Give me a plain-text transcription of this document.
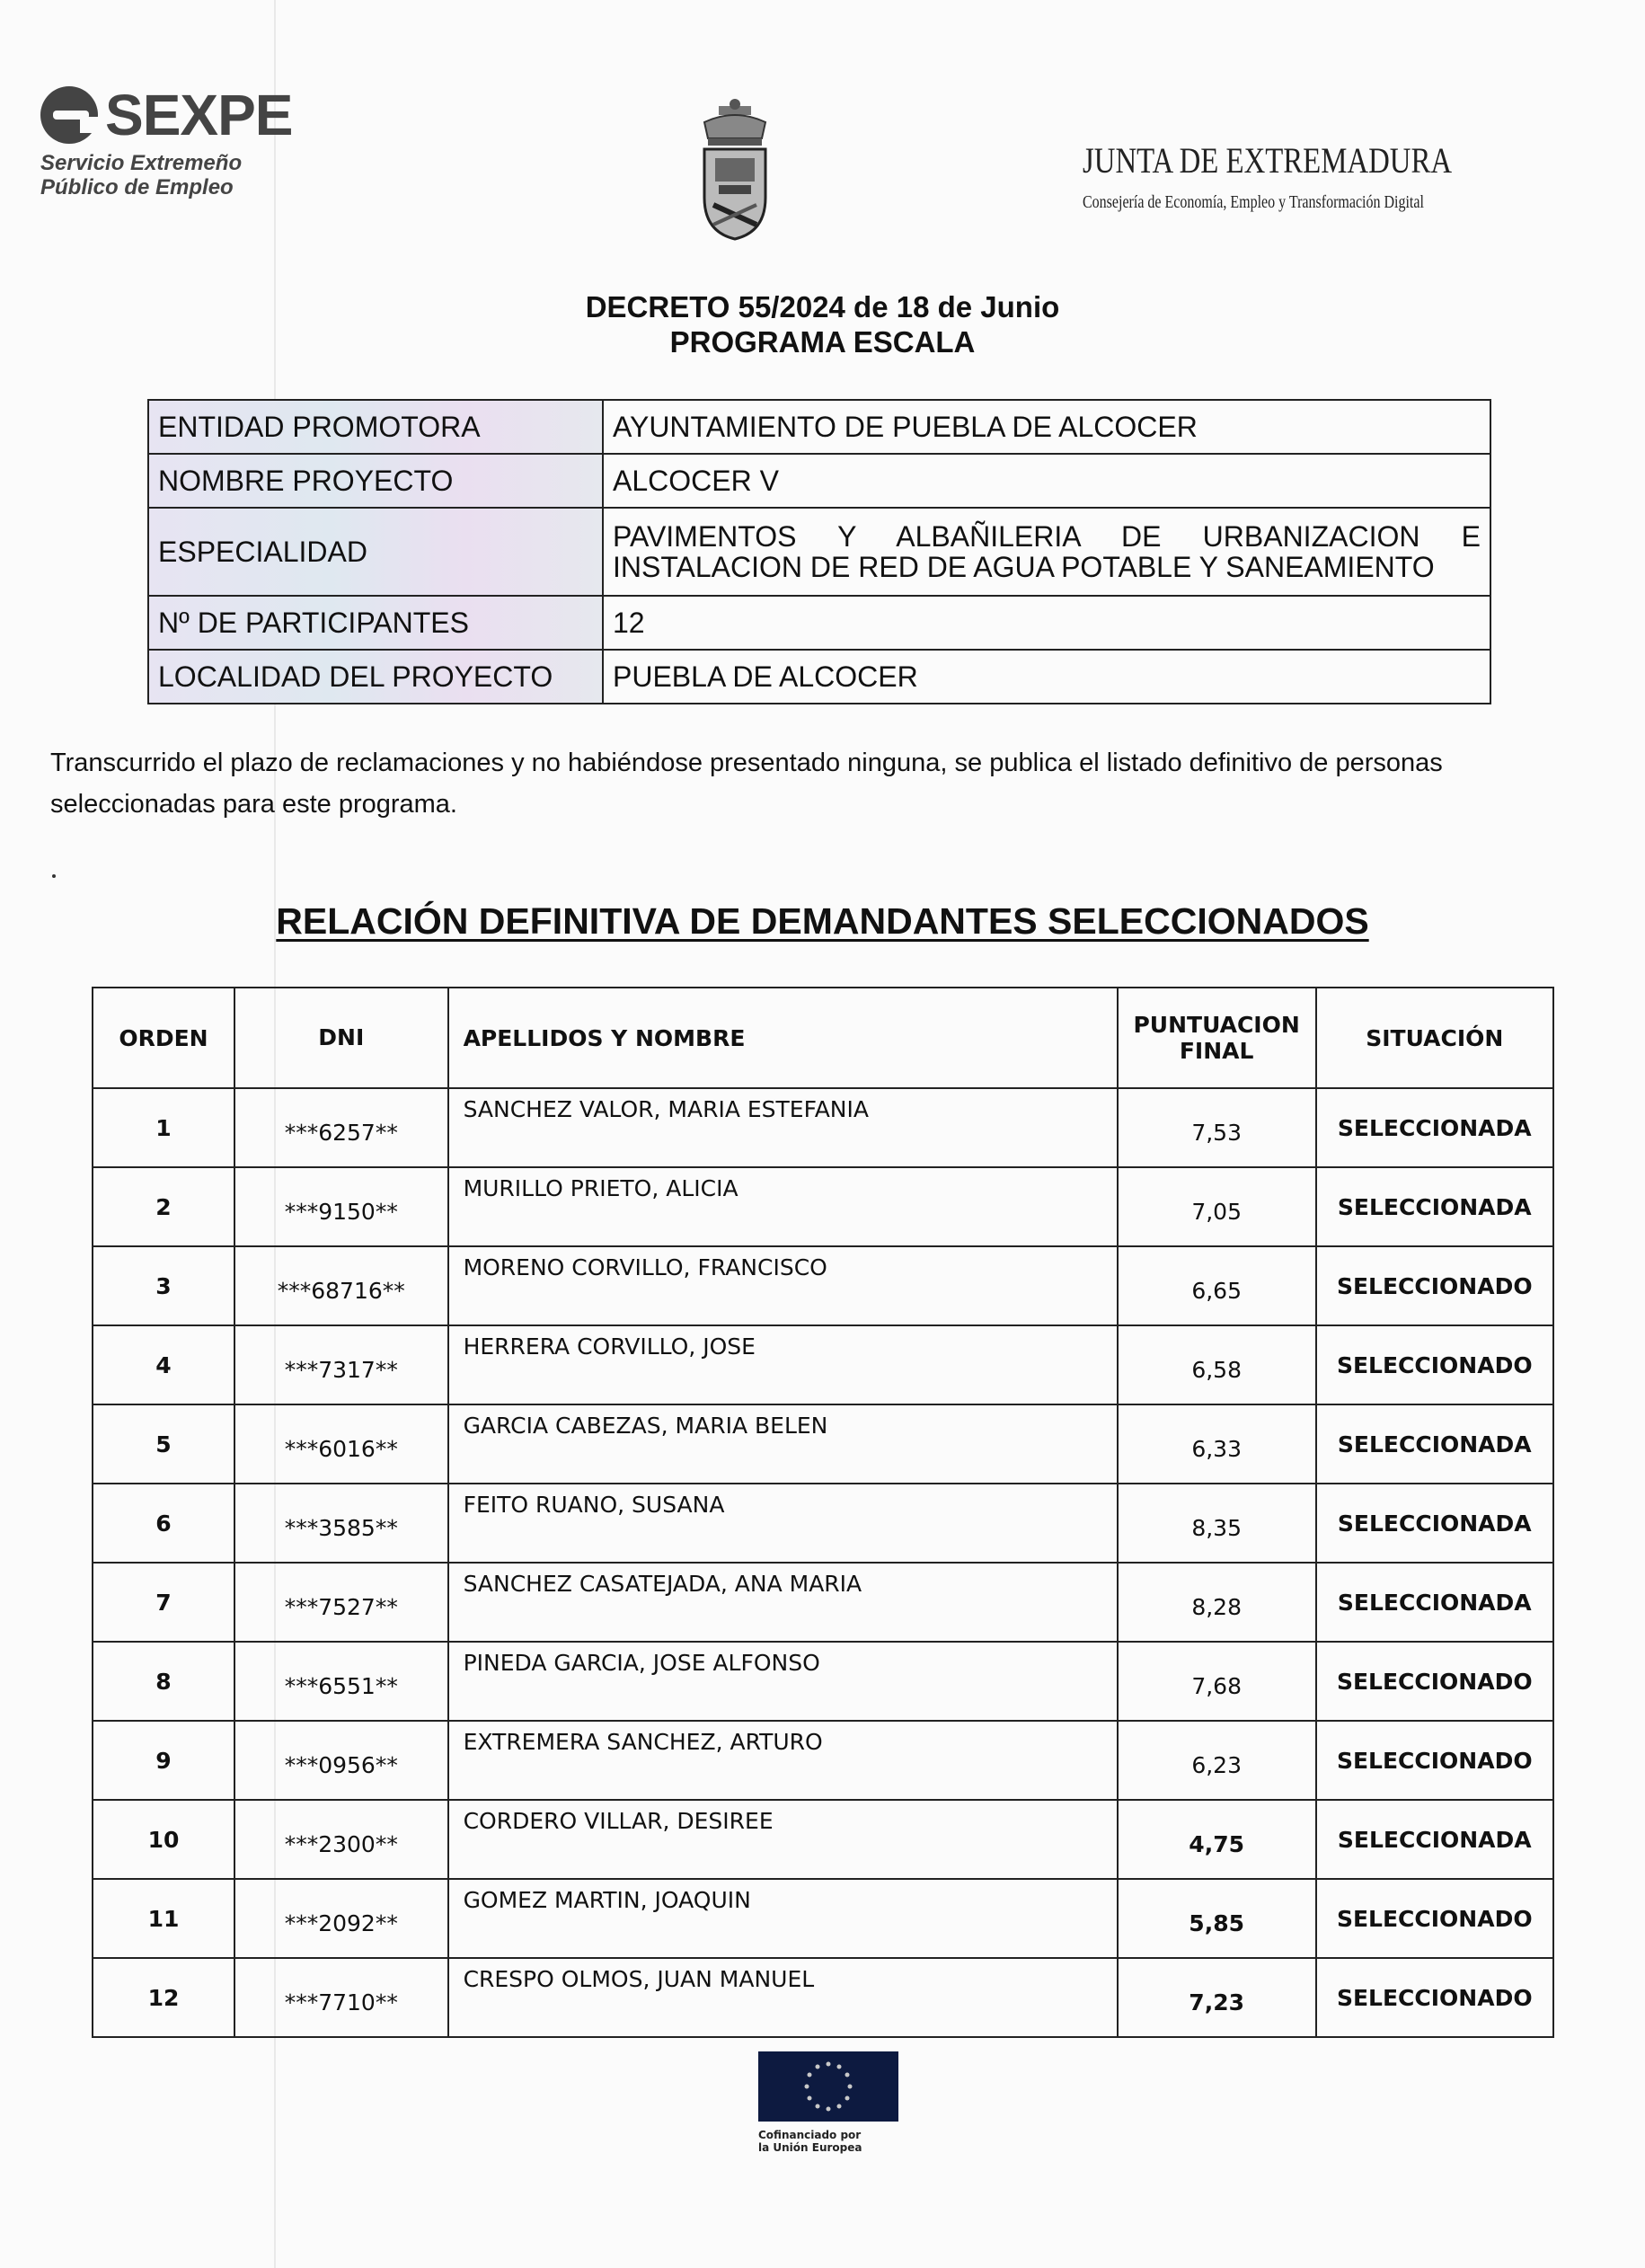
SEXPE
Servicio Extremeño
Público de Empleo
JUNTA DE EXTREMADURA
Consejería de Economía, Empleo y Transformación Digital
DECRETO 55/2024 de 18 de Junio
PROGRAMA ESCALA
ENTIDAD PROMOTORA	AYUNTAMIENTO DE PUEBLA DE ALCOCER
NOMBRE PROYECTO	ALCOCER V
ESPECIALIDAD	PAVIMENTOS Y ALBAÑILERIA DE URBANIZACION E
INSTALACION DE RED DE AGUA POTABLE Y SANEAMIENTO

Nº DE PARTICIPANTES	12
LOCALIDAD DEL PROYECTO	PUEBLA DE ALCOCER
Transcurrido el plazo de reclamaciones y no habiéndose presentado ninguna, se publica el listado definitivo de personas seleccionadas para este programa.
RELACIÓN DEFINITIVA DE DEMANDANTES SELECCIONADOS
ORDEN	DNI	APELLIDOS Y NOMBRE	PUNTUACION
FINAL	SITUACIÓN
1	***6257**	SANCHEZ VALOR, MARIA ESTEFANIA	7,53	SELECCIONADA
2	***9150**	MURILLO PRIETO, ALICIA	7,05	SELECCIONADA
3	***68716**	MORENO CORVILLO, FRANCISCO	6,65	SELECCIONADO
4	***7317**	HERRERA CORVILLO, JOSE	6,58	SELECCIONADO
5	***6016**	GARCIA CABEZAS, MARIA BELEN	6,33	SELECCIONADA
6	***3585**	FEITO RUANO, SUSANA	8,35	SELECCIONADA
7	***7527**	SANCHEZ CASATEJADA, ANA MARIA	8,28	SELECCIONADA
8	***6551**	PINEDA GARCIA, JOSE ALFONSO	7,68	SELECCIONADO
9	***0956**	EXTREMERA SANCHEZ, ARTURO	6,23	SELECCIONADO
10	***2300**	CORDERO VILLAR, DESIREE	4,75	SELECCIONADA
11	***2092**	GOMEZ MARTIN, JOAQUIN	5,85	SELECCIONADO
12	***7710**	CRESPO OLMOS, JUAN MANUEL	7,23	SELECCIONADO
Cofinanciado por
la Unión Europea
